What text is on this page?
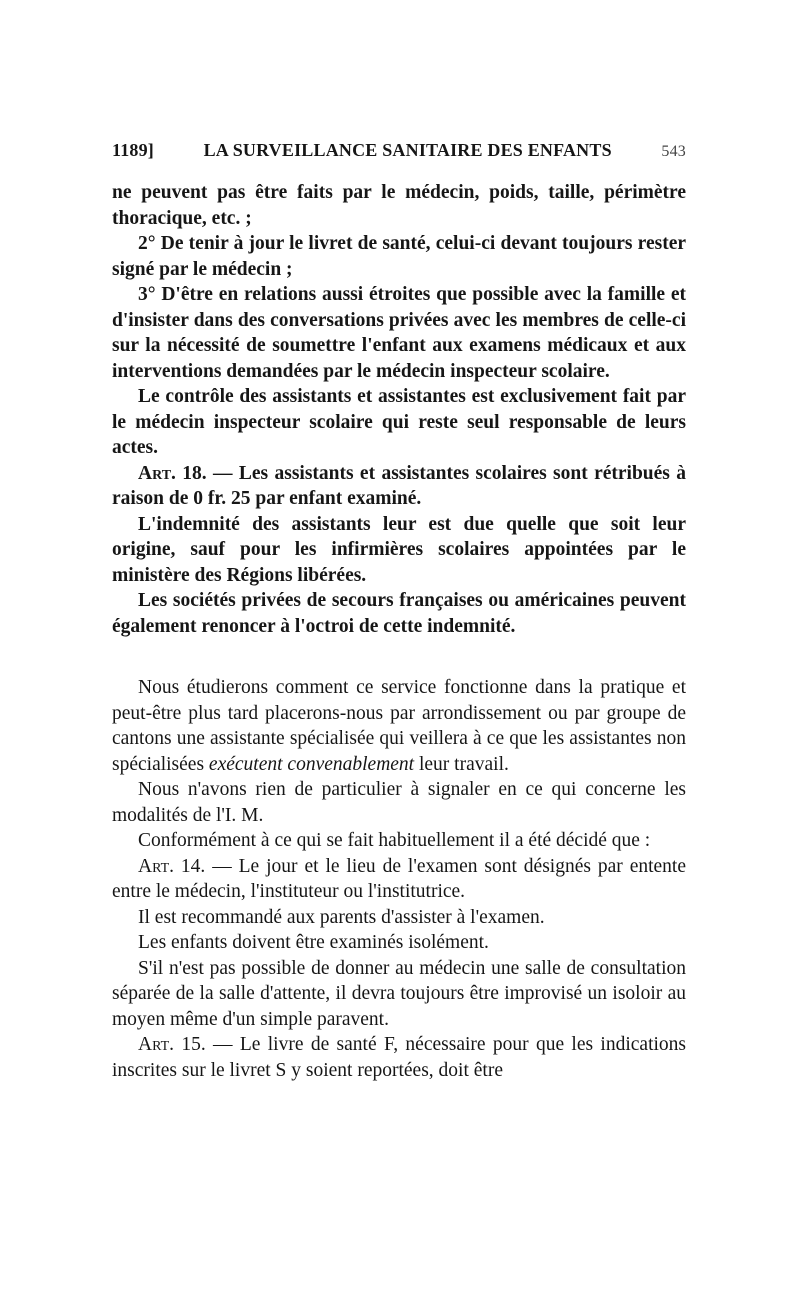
1189]	LA SURVEILLANCE SANITAIRE DES ENFANTS	543

ne peuvent pas être faits par le médecin, poids, taille, périmètre thoracique, etc. ;

2° De tenir à jour le livret de santé, celui-ci devant toujours rester signé par le médecin ;

3° D'être en relations aussi étroites que possible avec la famille et d'insister dans des conversations privées avec les membres de celle-ci sur la nécessité de soumettre l'enfant aux examens médicaux et aux interventions demandées par le médecin inspecteur scolaire.

Le contrôle des assistants et assistantes est exclusivement fait par le médecin inspecteur scolaire qui reste seul responsable de leurs actes.

Art. 18. — Les assistants et assistantes scolaires sont rétribués à raison de 0 fr. 25 par enfant examiné.

L'indemnité des assistants leur est due quelle que soit leur origine, sauf pour les infirmières scolaires appointées par le ministère des Régions libérées.

Les sociétés privées de secours françaises ou américaines peuvent également renoncer à l'octroi de cette indemnité.

Nous étudierons comment ce service fonctionne dans la pratique et peut-être plus tard placerons-nous par arrondissement ou par groupe de cantons une assistante spécialisée qui veillera à ce que les assistantes non spécialisées exécutent convenablement leur travail.

Nous n'avons rien de particulier à signaler en ce qui concerne les modalités de l'I. M.

Conformément à ce qui se fait habituellement il a été décidé que :

Art. 14. — Le jour et le lieu de l'examen sont désignés par entente entre le médecin, l'instituteur ou l'institutrice.

Il est recommandé aux parents d'assister à l'examen.

Les enfants doivent être examinés isolément.

S'il n'est pas possible de donner au médecin une salle de consultation séparée de la salle d'attente, il devra toujours être improvisé un isoloir au moyen même d'un simple paravent.

Art. 15. — Le livre de santé F, nécessaire pour que les indications inscrites sur le livret S y soient reportées, doit être
